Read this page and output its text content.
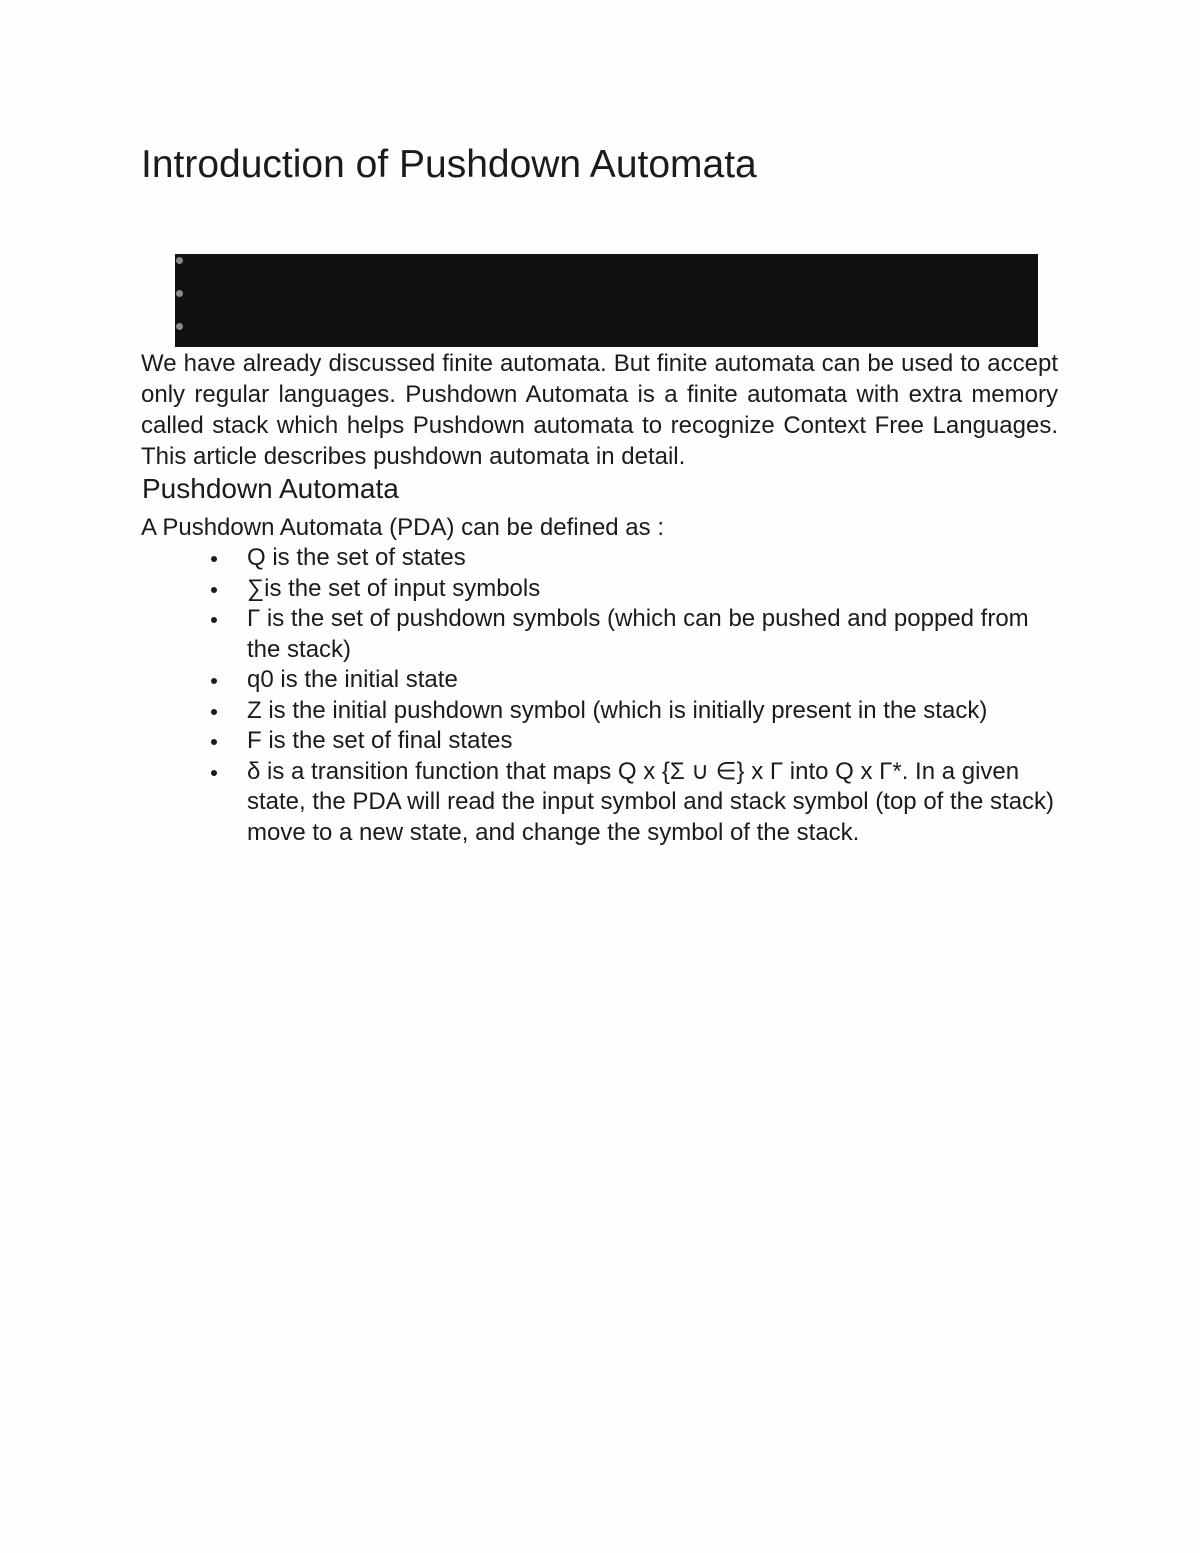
Introduction of Pushdown Automata

We have already discussed finite automata. But finite automata can be used to accept only regular languages. Pushdown Automata is a finite automata with extra memory called stack which helps Pushdown automata to recognize Context Free Languages. This article describes pushdown automata in detail.

Pushdown Automata

A Pushdown Automata (PDA) can be defined as :

Q is the set of states
∑is the set of input symbols
Γ is the set of pushdown symbols (which can be pushed and popped from the stack)
q0 is the initial state
Z is the initial pushdown symbol (which is initially present in the stack)
F is the set of final states
δ is a transition function that maps Q x {Σ ∪ ∈} x Γ into Q x Γ*. In a given state, the PDA will read the input symbol and stack symbol (top of the stack) move to a new state, and change the symbol of the stack.
